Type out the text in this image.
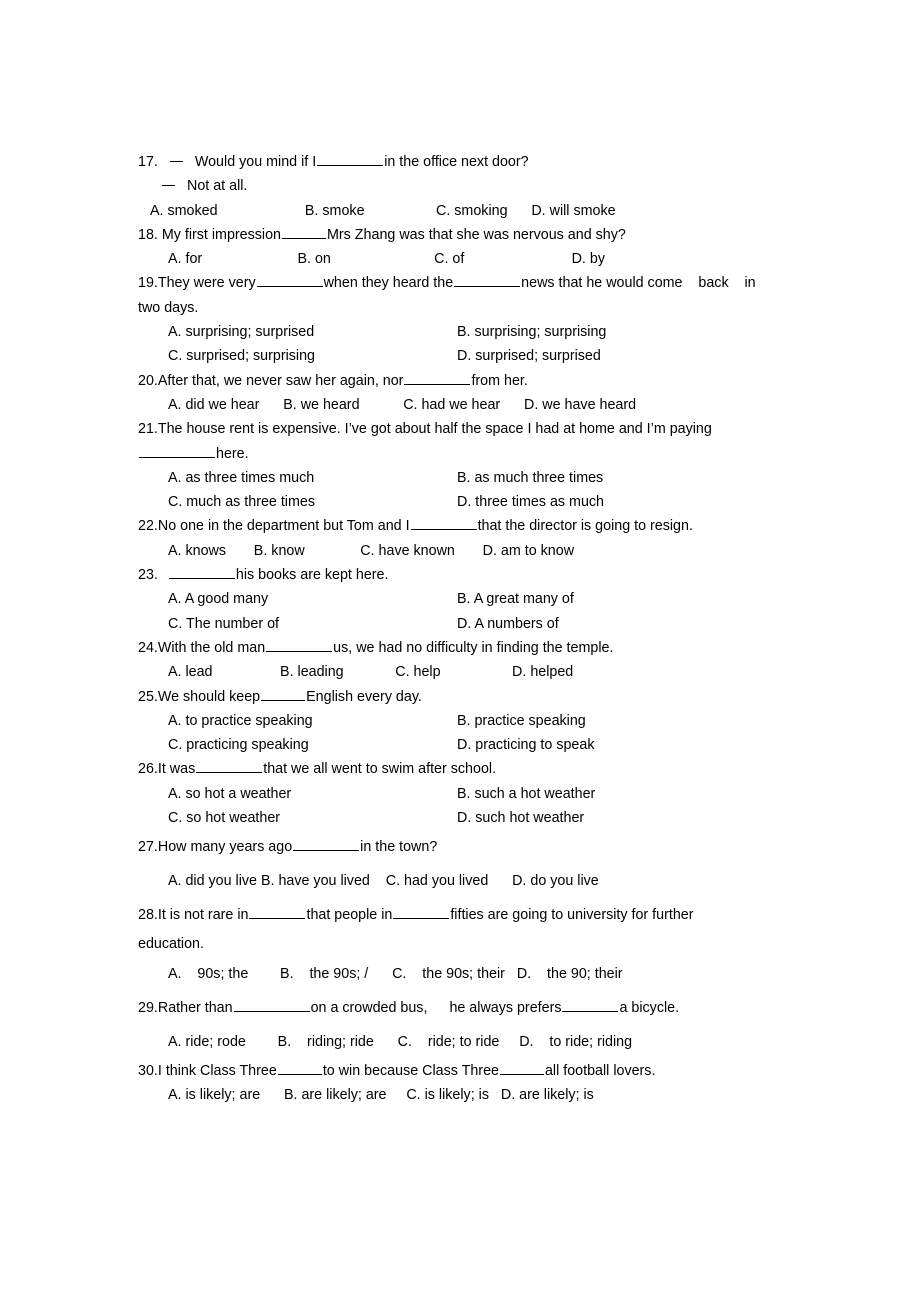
17.	Would you mind if I	in the office next door?
Not at all.
A. smoked                      B. smoke                  C. smoking      D. will smoke
18. My first impression	Mrs Zhang was that she was nervous and shy?
A. for                        B. on                          C. of                           D. by
19.They were very	when they heard the	news that he would come    back    in
two days.
A. surprising; surprised	B. surprising; surprising
C. surprised; surprising	D. surprised; surprised
20.After that, we never saw her again, nor	from her.
A. did we hear      B. we heard           C. had we hear      D. we have heard
21.The house rent is expensive. I’ve got about half the space I had at home and I’m paying
here.
A. as three times much	B. as much three times
C. much as three times	D. three times as much
22.No one in the department but Tom and I	that the director is going to resign.
A. knows       B. know              C. have known       D. am to know
23.	his books are kept here.
A. A good many	B. A great many of
C. The number of	D. A numbers of
24.With the old man	us, we had no difficulty in finding the temple.
A. lead                 B. leading             C. help                  D. helped
25.We should keep	English every day.
A. to practice speaking	B. practice speaking
C. practicing speaking	D. practicing to speak
26.It was	that we all went to swim after school.
A. so hot a weather	B. such a hot weather
C. so hot weather	D. such hot weather
27.How many years ago	in the town?
A. did you live B. have you lived    C. had you lived      D. do you live
28.It is not rare in	that people in	fifties are going to university for further
education.
A.    90s; the        B.    the 90s; /      C.    the 90s; their   D.    the 90; their
29.Rather than	on a crowded bus, he always prefers	a bicycle.
A. ride; rode        B.    riding; ride      C.    ride; to ride     D.    to ride; riding
30.I think Class Three	to win because Class Three	all football lovers.
A. is likely; are      B. are likely; are     C. is likely; is   D. are likely; is
